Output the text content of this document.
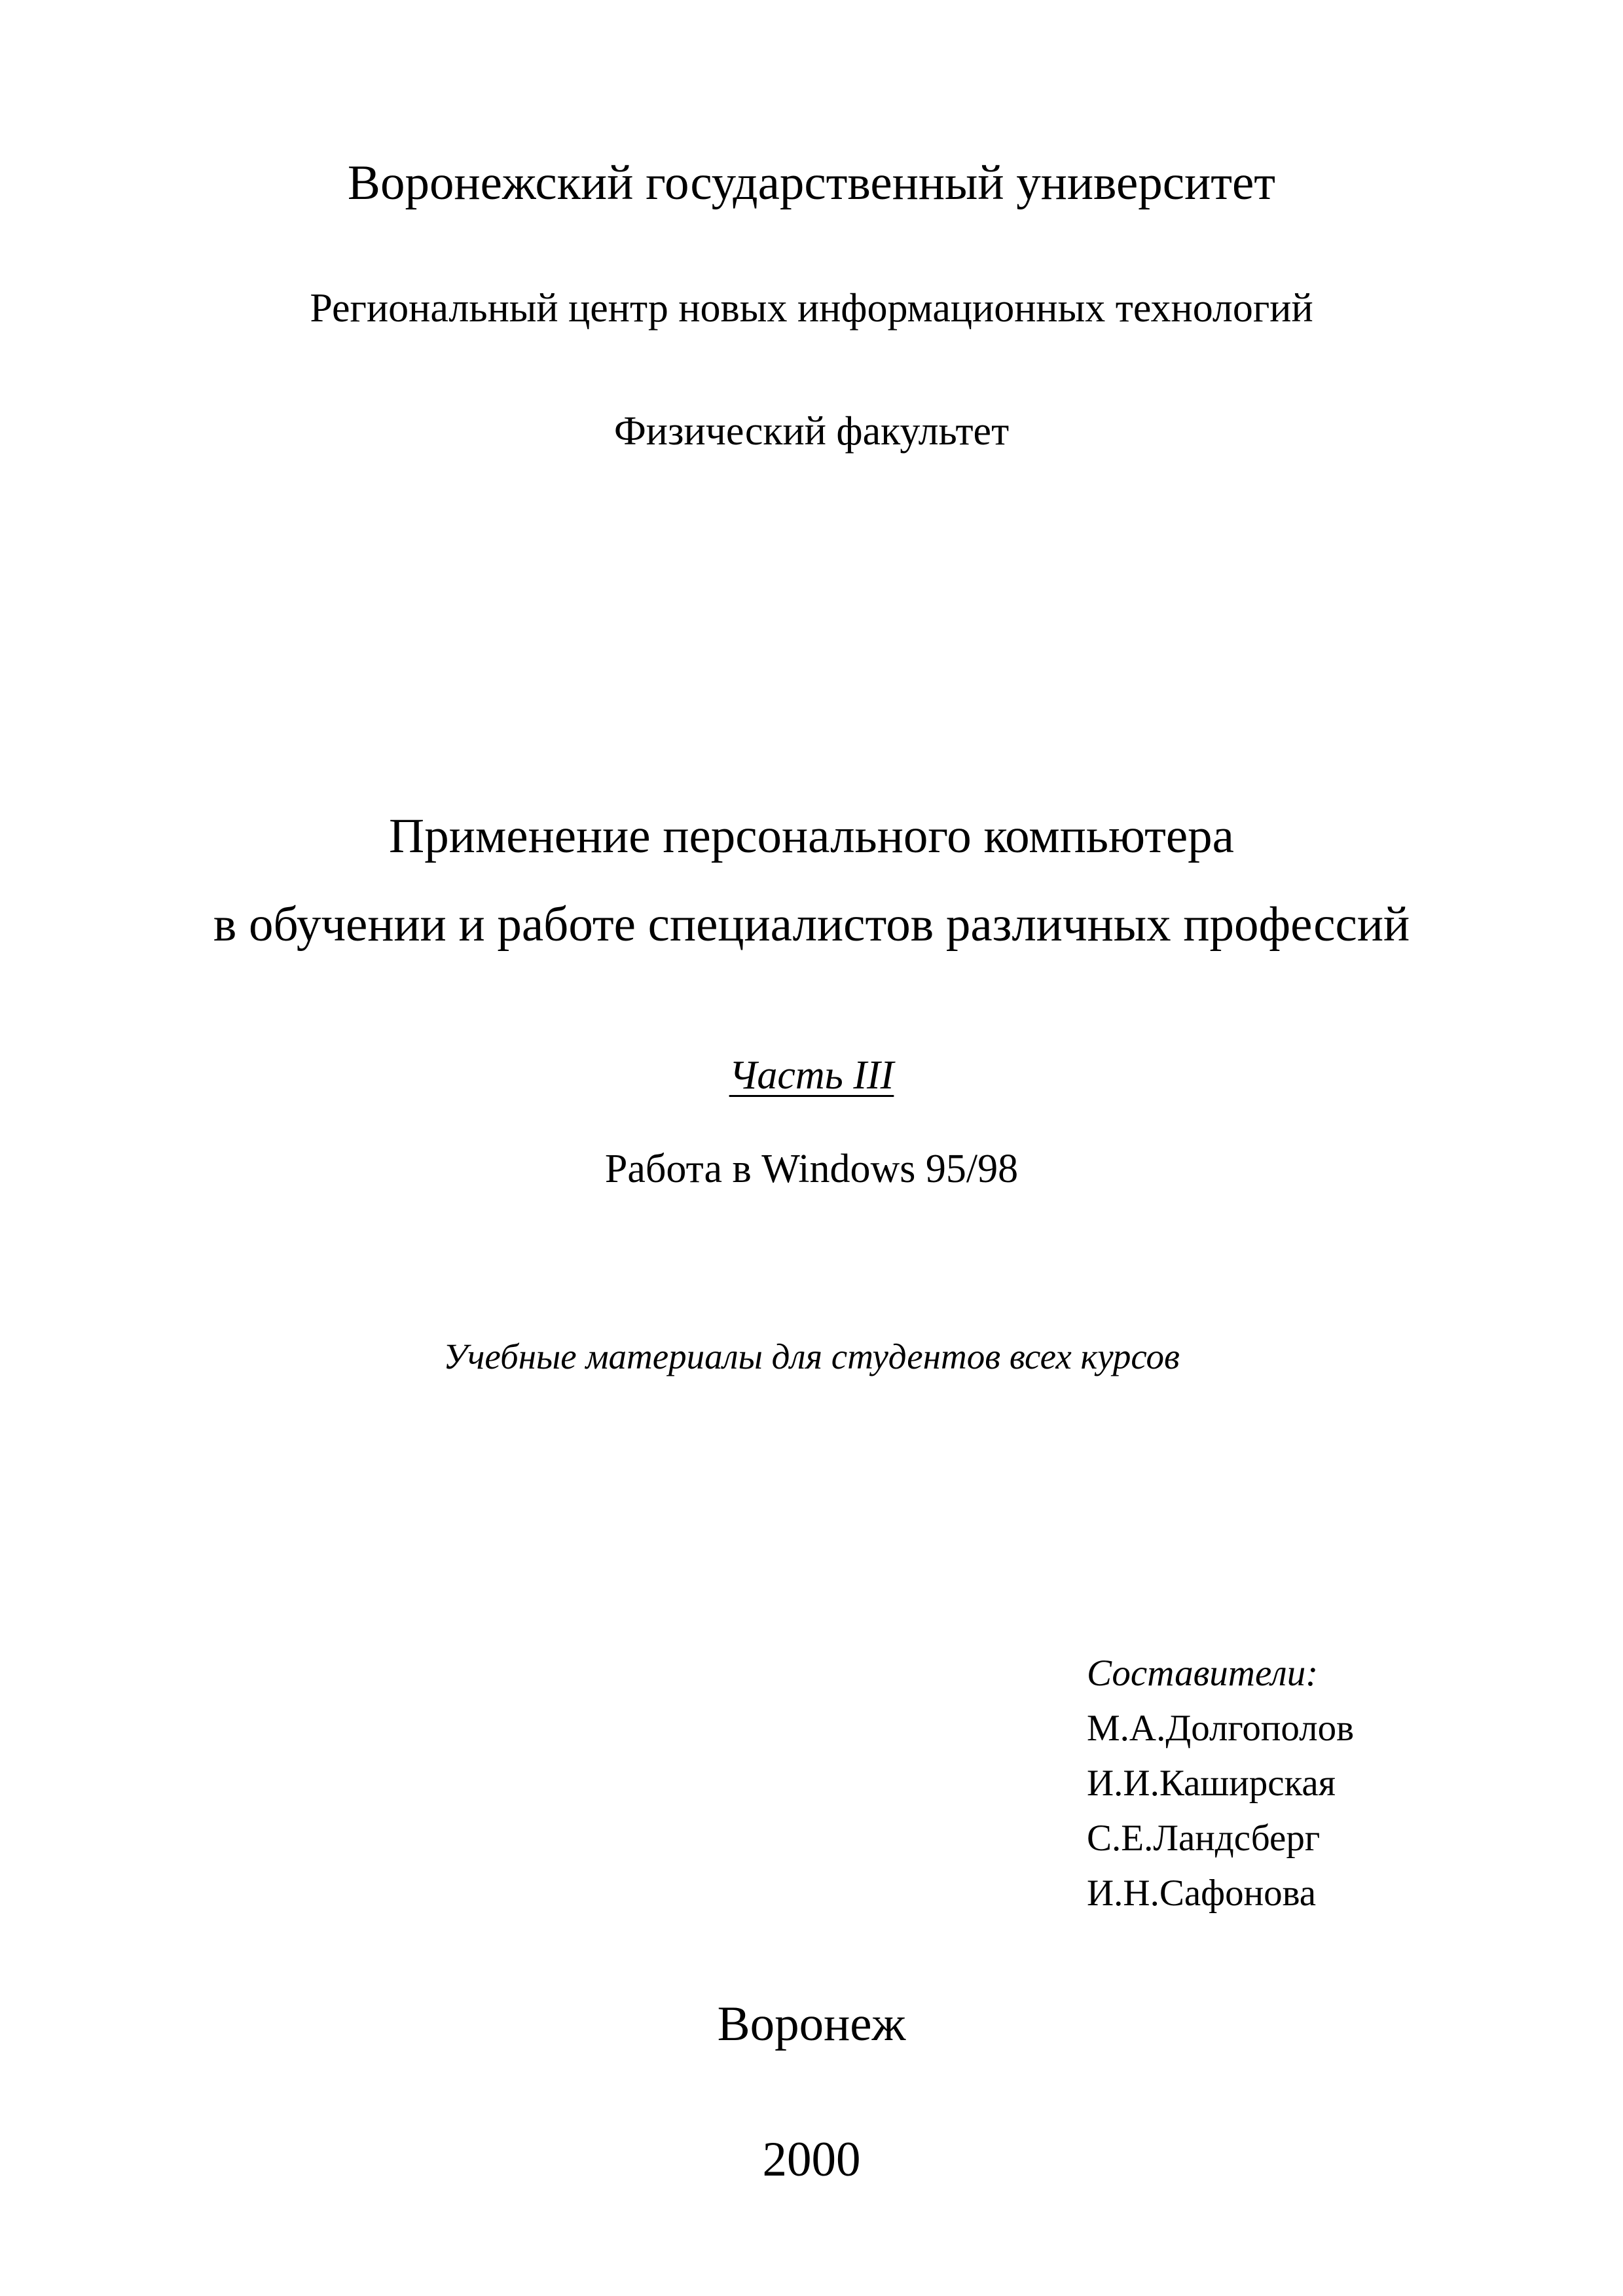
Воронежский государственный университет
Региональный центр новых информационных технологий
Физический факультет
Применение персонального компьютера
в обучении и работе специалистов различных профессий
Часть III
Работа в Windows 95/98
Учебные материалы для студентов всех курсов
Составители:
М.А.Долгополов
И.И.Каширская
С.Е.Ландсберг
И.Н.Сафонова
Воронеж
2000
